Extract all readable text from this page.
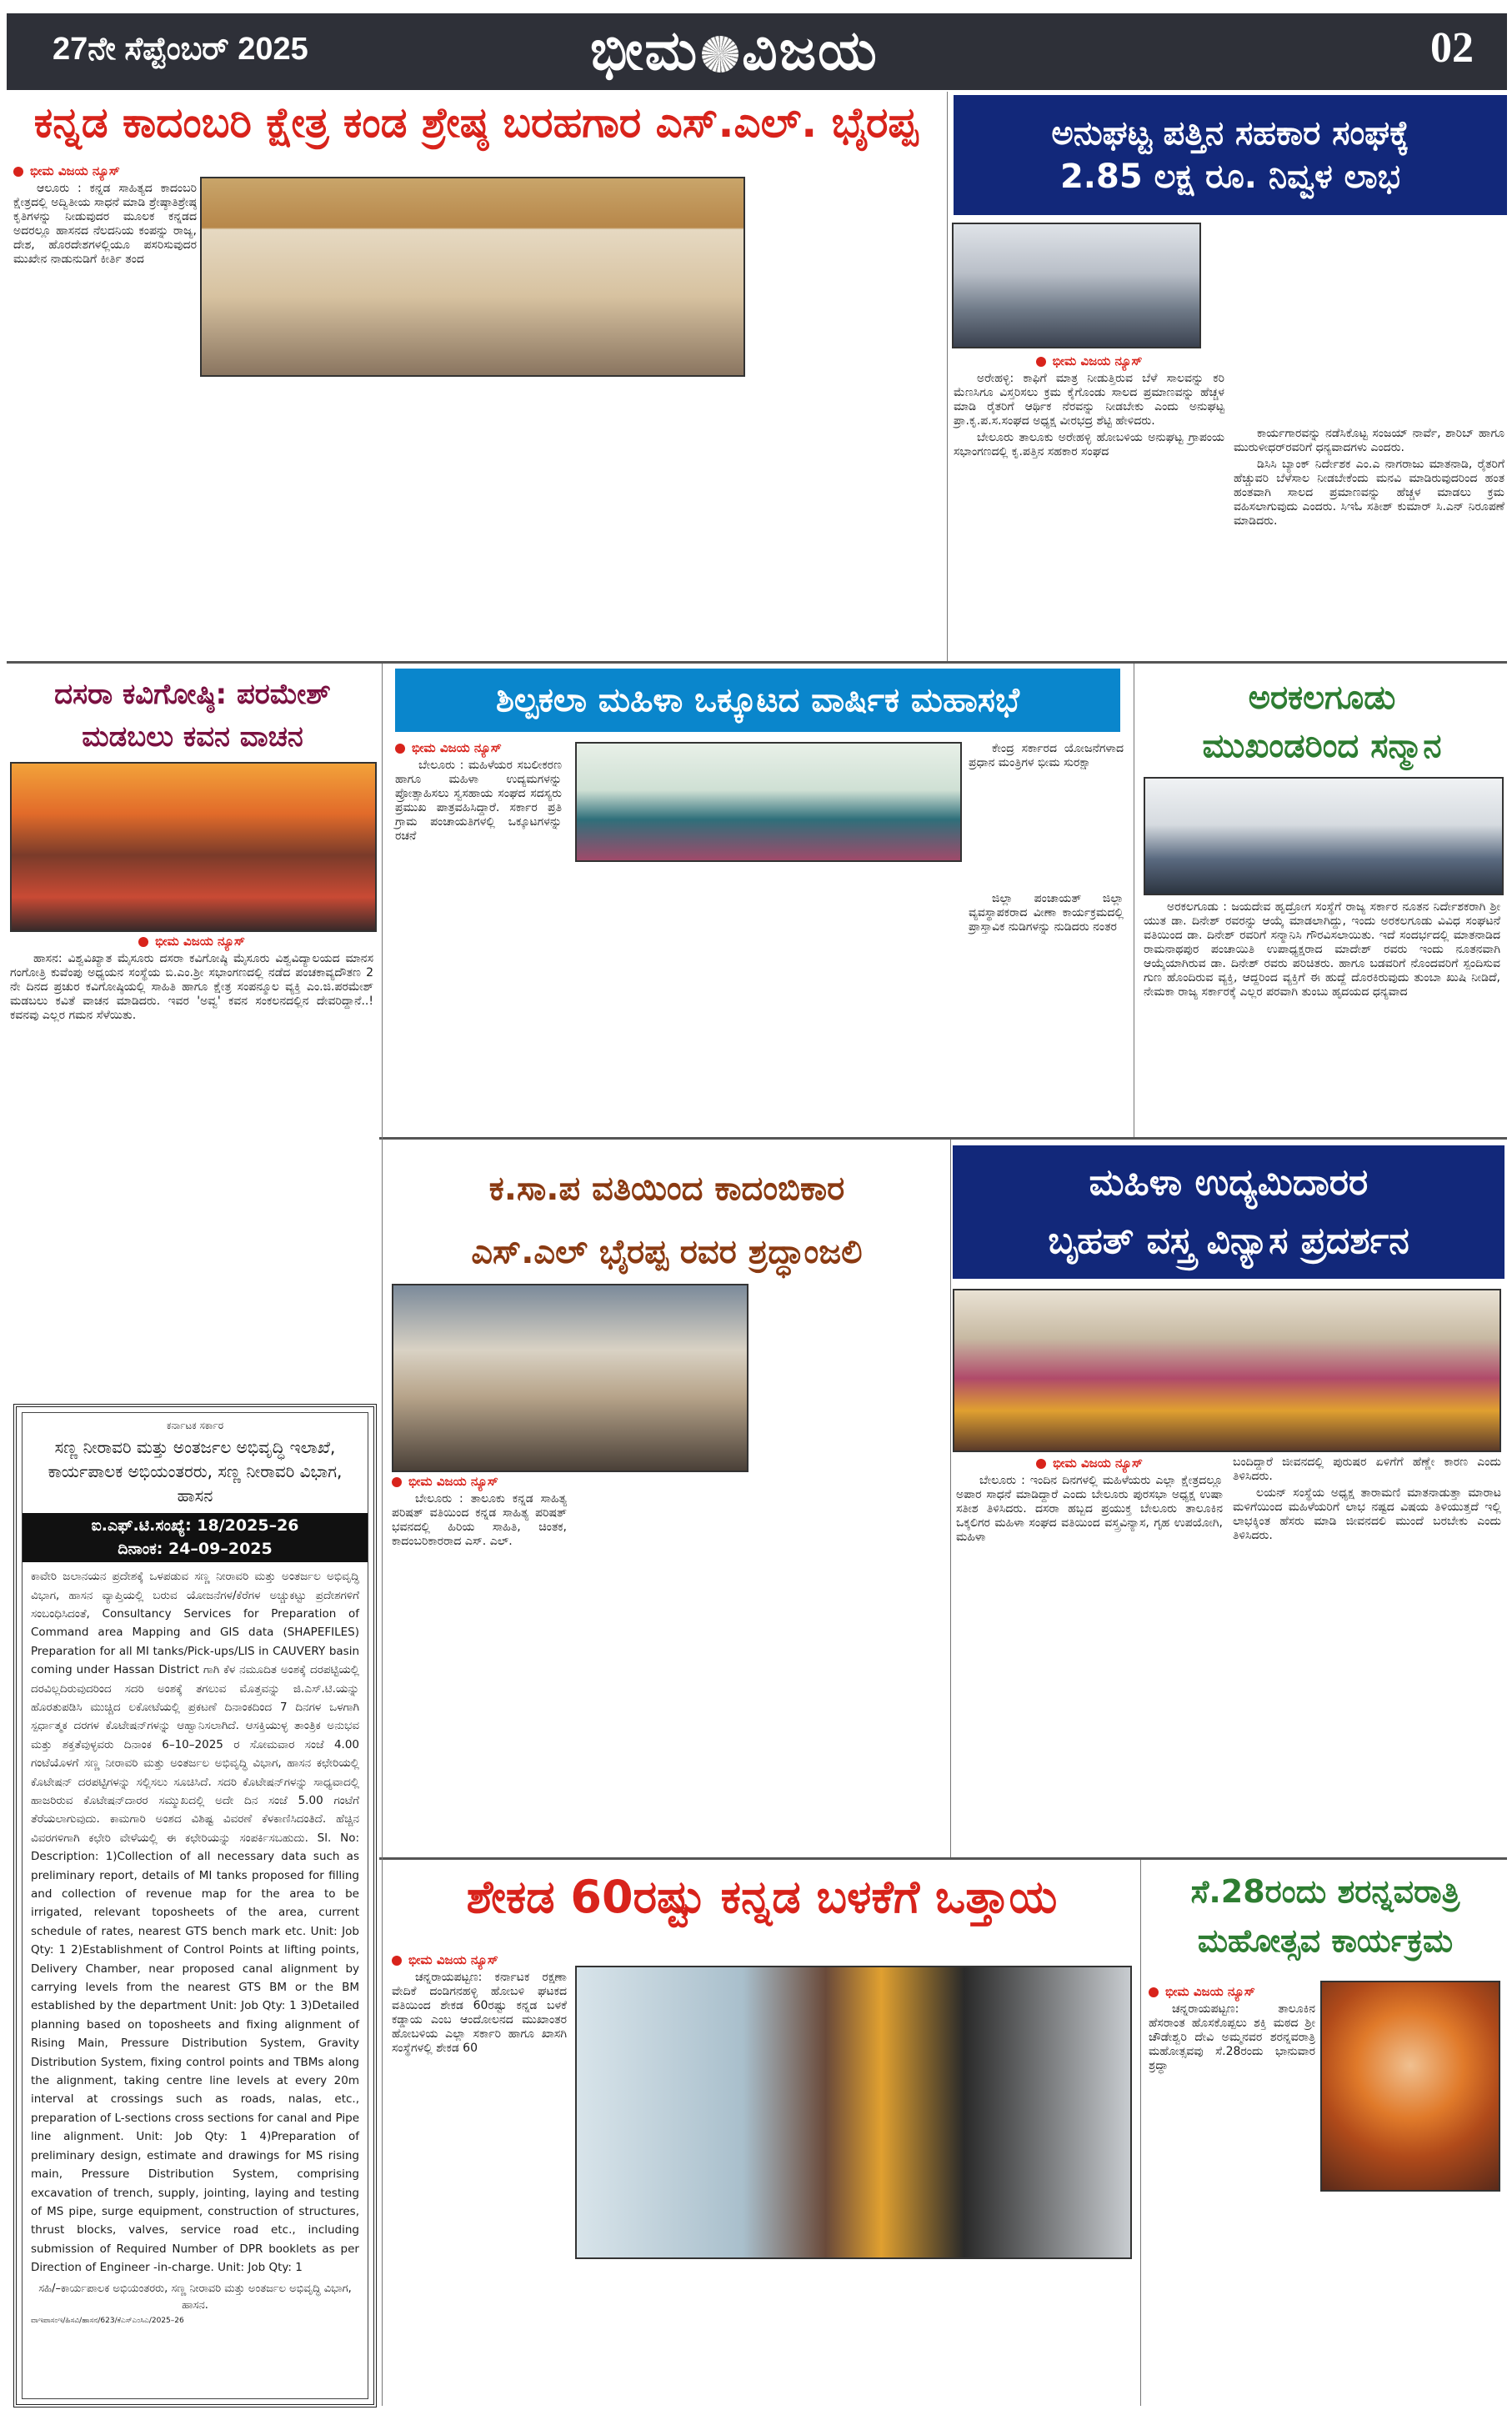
27ನೇ ಸೆಪ್ಟೆಂಬರ್ 2025	ಭೀಮ ವಿಜಯ	02
ಕನ್ನಡ ಕಾದಂಬರಿ ಕ್ಷೇತ್ರ ಕಂಡ ಶ್ರೇಷ್ಠ ಬರಹಗಾರ ಎಸ್.ಎಲ್. ಭೈರಪ್ಪ
ಭೀಮ ವಿಜಯ ನ್ಯೂಸ್

ಆಲೂರು : ಕನ್ನಡ ಸಾಹಿತ್ಯದ ಕಾದಂಬರಿ ಕ್ಷೇತ್ರದಲ್ಲಿ ಅದ್ವಿತೀಯ ಸಾಧನೆ ಮಾಡಿ ಶ್ರೇಷ್ಠಾತಿಶ್ರೇಷ್ಠ ಕೃತಿಗಳನ್ನು ನೀಡುವುದರ ಮೂಲಕ ಕನ್ನಡದ ಅದರಲ್ಲೂ ಹಾಸನದ ನೆಲದನಿಯ ಕಂಪನ್ನು ರಾಜ್ಯ, ದೇಶ, ಹೊರದೇಶಗಳಲ್ಲಿಯೂ ಪಸರಿಸುವುದರ ಮುಖೇನ ನಾಡುನುಡಿಗೆ ಕೀರ್ತಿ ತಂದ

ಅನುಘಟ್ಟ ಪತ್ತಿನ ಸಹಕಾರ ಸಂಘಕ್ಕೆ
2.85 ಲಕ್ಷ ರೂ. ನಿವ್ವಳ ಲಾಭ
ಭೀಮ ವಿಜಯ ನ್ಯೂಸ್

ಅರೇಹಳ್ಳಿ: ಕಾಫಿಗೆ ಮಾತ್ರ ನೀಡುತ್ತಿರುವ ಬೆಳೆ ಸಾಲವನ್ನು ಕರಿ ಮೆಣಸಿಗೂ ವಿಸ್ತರಿಸಲು ಕ್ರಮ ಕೈಗೊಂಡು ಸಾಲದ ಪ್ರಮಾಣವನ್ನು ಹೆಚ್ಚಳ ಮಾಡಿ ರೈತರಿಗೆ ಆರ್ಥಿಕ ನೆರವನ್ನು ನೀಡಬೇಕು ಎಂದು ಅನುಘಟ್ಟ ಪ್ರಾ.ಕೃ.ಪ.ಸ.ಸಂಘದ ಅಧ್ಯಕ್ಷ ವೀರಭದ್ರ ಶೆಟ್ಟಿ ಹೇಳಿದರು.

ಬೇಲೂರು ತಾಲೂಕು ಅರೇಹಳ್ಳಿ ಹೋಬಳಿಯ ಅನುಘಟ್ಟ ಗ್ರಾಪಂಯ ಸಭಾಂಗಣದಲ್ಲಿ ಕೃ.ಪತ್ತಿನ ಸಹಕಾರ ಸಂಘದ

ಕಾರ್ಯಗಾರವನ್ನು ನಡೆಸಿಕೊಟ್ಟ ಸಂಜಯ್ ನಾರ್ವೆ, ಶಾರಿಬ್ ಹಾಗೂ ಮುರುಳೀಧರ್‌ರವರಿಗೆ ಧನ್ಯವಾದಗಳು ಎಂದರು.

ಡಿಸಿಸಿ ಬ್ಯಾಂಕ್ ನಿರ್ದೇಶಕ ಎಂ.ಎ ನಾಗರಾಜು ಮಾತನಾಡಿ, ರೈತರಿಗೆ ಹೆಚ್ಚುವರಿ ಬೆಳೆಸಾಲ ನೀಡಬೇಕೆಂದು ಮನವಿ ಮಾಡಿರುವುದರಿಂದ ಹಂತ ಹಂತವಾಗಿ ಸಾಲದ ಪ್ರಮಾಣವನ್ನು ಹೆಚ್ಚಳ ಮಾಡಲು ಕ್ರಮ ವಹಿಸಲಾಗುವುದು ಎಂದರು. ಸಿಇಓ ಸತೀಶ್ ಕುಮಾರ್ ಸಿ.ಎನ್ ನಿರೂಪಣೆ ಮಾಡಿದರು.

ದಸರಾ ಕವಿಗೋಷ್ಠಿ: ಪರಮೇಶ್
ಮಡಬಲು ಕವನ ವಾಚನ
ಭೀಮ ವಿಜಯ ನ್ಯೂಸ್

ಹಾಸನ: ವಿಶ್ವವಿಖ್ಯಾತ ಮೈಸೂರು ದಸರಾ ಕವಿಗೋಷ್ಠಿ ಮೈಸೂರು ವಿಶ್ವವಿದ್ಯಾಲಯದ ಮಾನಸ ಗಂಗೋತ್ರಿ ಕುವೆಂಪು ಅಧ್ಯಯನ ಸಂಸ್ಥೆಯ ಬಿ.ಎಂ.ಶ್ರೀ ಸಭಾಂಗಣದಲ್ಲಿ ನಡೆದ ಪಂಚಕಾವ್ಯದೌತಣ 2 ನೇ ದಿನದ ಪ್ರಚುರ ಕವಿಗೋಷ್ಠಿಯಲ್ಲಿ ಸಾಹಿತಿ ಹಾಗೂ ಕ್ಷೇತ್ರ ಸಂಪನ್ಮೂಲ ವ್ಯಕ್ತಿ ಎಂ.ಜಿ.ಪರಮೇಶ್ ಮಡಬಲು ಕವಿತೆ ವಾಚನ ಮಾಡಿದರು. ಇವರ 'ಅವ್ವ' ಕವನ ಸಂಕಲನದಲ್ಲಿನ ದೇವರಿದ್ದಾನೆ..! ಕವನವು ಎಲ್ಲರ ಗಮನ ಸೆಳೆಯಿತು.

ಶಿಲ್ಪಕಲಾ ಮಹಿಳಾ ಒಕ್ಕೂಟದ ವಾರ್ಷಿಕ ಮಹಾಸಭೆ
ಭೀಮ ವಿಜಯ ನ್ಯೂಸ್

ಬೇಲೂರು : ಮಹಿಳೆಯರ ಸಬಲೀಕರಣ ಹಾಗೂ ಮಹಿಳಾ ಉದ್ಯಮಗಳನ್ನು ಪ್ರೋತ್ಸಾಹಿಸಲು ಸ್ವಸಹಾಯ ಸಂಘದ ಸದಸ್ಯರು ಪ್ರಮುಖ ಪಾತ್ರವಹಿಸಿದ್ದಾರೆ. ಸರ್ಕಾರ ಪ್ರತಿ ಗ್ರಾಮ ಪಂಚಾಯತಿಗಳಲ್ಲಿ ಒಕ್ಕೂಟಗಳನ್ನು ರಚನೆ

ಕೇಂದ್ರ ಸರ್ಕಾರದ ಯೋಜನೆಗಳಾದ ಪ್ರಧಾನ ಮಂತ್ರಿಗಳ ಭೀಮ ಸುರಕ್ಷಾ

ಜಿಲ್ಲಾ ಪಂಚಾಯತ್ ಜಿಲ್ಲಾ ವ್ಯವಸ್ಥಾಪಕರಾದ ವೀಣಾ ಕಾರ್ಯಕ್ರಮದಲ್ಲಿ ಪ್ರಾಸ್ತಾವಿಕ ನುಡಿಗಳನ್ನು ನುಡಿದರು ನಂತರ

ಅರಕಲಗೂಡು
ಮುಖಂಡರಿಂದ ಸನ್ಮಾನ

ಅರಕಲಗೂಡು : ಜಯದೇವ ಹೃದ್ರೋಗ ಸಂಸ್ಥೆಗೆ ರಾಜ್ಯ ಸರ್ಕಾರ ನೂತನ ನಿರ್ದೇಶಕರಾಗಿ ಶ್ರೀ ಯುತ ಡಾ. ದಿನೇಶ್ ರವರನ್ನು ಆಯ್ಕೆ ಮಾಡಲಾಗಿದ್ದು, ಇಂದು ಅರಕಲಗೂಡು ವಿವಿಧ ಸಂಘಟನೆ ವತಿಯಿಂದ ಡಾ. ದಿನೇಶ್ ರವರಿಗೆ ಸನ್ಮಾನಿಸಿ ಗೌರವಿಸಲಾಯಿತು. ಇದೆ ಸಂದರ್ಭದಲ್ಲಿ ಮಾತನಾಡಿದ ರಾಮನಾಥಪುರ ಪಂಚಾಯಿತಿ ಉಪಾಧ್ಯಕ್ಷರಾದ ಮಾದೇಶ್ ರವರು ಇಂದು ನೂತನವಾಗಿ ಆಯ್ಕೆಯಾಗಿರುವ ಡಾ. ದಿನೇಶ್ ರವರು ಪರಿಚಿತರು. ಹಾಗೂ ಬಡವರಿಗೆ ನೊಂದವರಿಗೆ ಸ್ಪಂದಿಸುವ ಗುಣ ಹೊಂದಿರುವ ವ್ಯಕ್ತಿ, ಆದ್ದರಿಂದ ವ್ಯಕ್ತಿಗೆ ಈ ಹುದ್ದೆ ದೊರಕಿರುವುದು ತುಂಬಾ ಖುಷಿ ನೀಡಿದೆ, ನೇಮಕಾ ರಾಜ್ಯ ಸರ್ಕಾರಕ್ಕೆ ಎಲ್ಲರ ಪರವಾಗಿ ತುಂಬು ಹೃದಯದ ಧನ್ಯವಾದ

ಕ.ಸಾ.ಪ ವತಿಯಿಂದ ಕಾದಂಬಿಕಾರ
ಎಸ್.ಎಲ್ ಭೈರಪ್ಪ ರವರ ಶ್ರದ್ಧಾಂಜಲಿ
ಭೀಮ ವಿಜಯ ನ್ಯೂಸ್

ಬೇಲೂರು : ತಾಲೂಕು ಕನ್ನಡ ಸಾಹಿತ್ಯ ಪರಿಷತ್ ವತಿಯಿಂದ ಕನ್ನಡ ಸಾಹಿತ್ಯ ಪರಿಷತ್ ಭವನದಲ್ಲಿ ಹಿರಿಯ ಸಾಹಿತಿ, ಚಿಂತಕ, ಕಾದಂಬರಿಕಾರರಾದ ಎಸ್. ಎಲ್.

ಮಹಿಳಾ ಉದ್ಯಮಿದಾರರ
ಬೃಹತ್ ವಸ್ತ್ರ ವಿನ್ಯಾಸ ಪ್ರದರ್ಶನ
ಭೀಮ ವಿಜಯ ನ್ಯೂಸ್

ಬೇಲೂರು : ಇಂದಿನ ದಿನಗಳಲ್ಲಿ ಮಹಿಳೆಯರು ಎಲ್ಲಾ ಕ್ಷೇತ್ರದಲ್ಲೂ ಅಪಾರ ಸಾಧನೆ ಮಾಡಿದ್ದಾರೆ ಎಂದು ಬೇಲೂರು ಪುರಸಭಾ ಅಧ್ಯಕ್ಷ ಉಷಾ ಸತೀಶ ತಿಳಿಸಿದರು. ದಸರಾ ಹಬ್ಬದ ಪ್ರಯುಕ್ತ ಬೇಲೂರು ತಾಲೂಕಿನ ಒಕ್ಕಲಿಗರ ಮಹಿಳಾ ಸಂಘದ ವತಿಯಿಂದ ವಸ್ತ್ರವಿನ್ಯಾಸ, ಗೃಹ ಉಪಯೋಗಿ, ಮಹಿಳಾ

ಬಂದಿದ್ದಾರೆ ಜೀವನದಲ್ಲಿ ಪುರುಷರ ಏಳಿಗೆಗೆ ಹೆಣ್ಣೇ ಕಾರಣ ಎಂದು ತಿಳಿಸಿದರು.

ಲಯನ್ ಸಂಸ್ಥೆಯ ಅಧ್ಯಕ್ಷ ತಾರಾಮಣಿ ಮಾತನಾಡುತ್ತಾ ಮಾರಾಟ ಮಳಿಗೆಯಿಂದ ಮಹಿಳೆಯರಿಗೆ ಲಾಭ ನಷ್ಟದ ವಿಷಯ ತಿಳಿಯುತ್ತದೆ ಇಲ್ಲಿ ಲಾಭಕ್ಕಿಂತ ಹೆಸರು ಮಾಡಿ ಜೀವನದಲಿ ಮುಂದೆ ಬರಬೇಕು ಎಂದು ತಿಳಿಸಿದರು.

ಶೇಕಡ 60ರಷ್ಟು ಕನ್ನಡ ಬಳಕೆಗೆ ಒತ್ತಾಯ
ಭೀಮ ವಿಜಯ ನ್ಯೂಸ್

ಚನ್ನರಾಯಪಟ್ಟಣ: ಕರ್ನಾಟಕ ರಕ್ಷಣಾ ವೇದಿಕೆ ದಂಡಿಗನಹಳ್ಳಿ ಹೋಬಳಿ ಘಟಕದ ವತಿಯಿಂದ ಶೇಕಡ 60ರಷ್ಟು ಕನ್ನಡ ಬಳಕೆ ಕಡ್ಡಾಯ ಎಂಬ ಆಂದೋಲನದ ಮುಖಾಂತರ ಹೋಬಳಿಯ ಎಲ್ಲಾ ಸರ್ಕಾರಿ ಹಾಗೂ ಖಾಸಗಿ ಸಂಸ್ಥೆಗಳಲ್ಲಿ ಶೇಕಡ 60

ಸೆ.28ರಂದು ಶರನ್ನವರಾತ್ರಿ
ಮಹೋತ್ಸವ ಕಾರ್ಯಕ್ರಮ
ಭೀಮ ವಿಜಯ ನ್ಯೂಸ್

ಚನ್ನರಾಯಪಟ್ಟಣ: ತಾಲೂಕಿನ ಹೆಸರಾಂತ ಹೊಸಕೊಪ್ಪಲು ಶಕ್ತಿ ಮಠದ ಶ್ರೀ ಚೌಡೇಶ್ವರಿ ದೇವಿ ಅಮ್ಮನವರ ಶರನ್ನವರಾತ್ರಿ ಮಹೋತ್ಸವವು ಸೆ.28ರಂದು ಭಾನುವಾರ ಶ್ರದ್ಧಾ

ಕರ್ನಾಟಕ ಸರ್ಕಾರ
ಸಣ್ಣ ನೀರಾವರಿ ಮತ್ತು ಅಂತರ್ಜಲ ಅಭಿವೃದ್ಧಿ ಇಲಾಖೆ, ಕಾರ್ಯಪಾಲಕ ಅಭಿಯಂತರರು, ಸಣ್ಣ ನೀರಾವರಿ ವಿಭಾಗ, ಹಾಸನ
ಐ.ಎಫ್.ಟಿ.ಸಂಖ್ಯೆ: 18/2025–26
ದಿನಾಂಕ: 24–09–2025
ಕಾವೇರಿ ಜಲಾನಯನ ಪ್ರದೇಶಕ್ಕೆ ಒಳಪಡುವ ಸಣ್ಣ ನೀರಾವರಿ ಮತ್ತು ಅಂತರ್ಜಲ ಅಭಿವೃದ್ಧಿ ವಿಭಾಗ, ಹಾಸನ ವ್ಯಾಪ್ತಿಯಲ್ಲಿ ಬರುವ ಯೋಜನೆಗಳ/ಕೆರೆಗಳ ಅಚ್ಚುಕಟ್ಟು ಪ್ರದೇಶಗಳಿಗೆ ಸಂಬಂಧಿಸಿದಂತೆ, Consultancy Services for Preparation of Command area Mapping and GIS data (SHAPEFILES) Preparation for all MI tanks/Pick-ups/LIS in CAUVERY basin coming under Hassan District ಗಾಗಿ ಕೆಳ ನಮೂದಿತ ಅಂಶಕ್ಕೆ ದರಪಟ್ಟಿಯಲ್ಲಿ ದರವಿಲ್ಲದಿರುವುದರಿಂದ ಸದರಿ ಅಂಶಕ್ಕೆ ತಗಲುವ ಮೊತ್ತವನ್ನು ಜಿ.ಎಸ್.ಟಿ.ಯನ್ನು ಹೊರತುಪಡಿಸಿ ಮುಚ್ಚಿದ ಲಕೋಟೆಯಲ್ಲಿ ಪ್ರಕಟಣೆ ದಿನಾಂಕದಿಂದ 7 ದಿನಗಳ ಒಳಗಾಗಿ ಸ್ಪರ್ಧಾತ್ಮಕ ದರಗಳ ಕೊಟೇಷನ್‌ಗಳನ್ನು ಆಹ್ವಾನಿಸಲಾಗಿದೆ. ಆಸಕ್ತಿಯುಳ್ಳ ತಾಂತ್ರಿಕ ಅನುಭವ ಮತ್ತು ಶಕ್ತತೆವುಳ್ಳವರು ದಿನಾಂಕ 6–10–2025 ರ ಸೋಮವಾರ ಸಂಜೆ 4.00 ಗಂಟೆಯೊಳಗೆ ಸಣ್ಣ ನೀರಾವರಿ ಮತ್ತು ಅಂತರ್ಜಲ ಅಭಿವೃದ್ಧಿ ವಿಭಾಗ, ಹಾಸನ ಕಛೇರಿಯಲ್ಲಿ ಕೊಟೇಷನ್ ದರಪಟ್ಟಿಗಳನ್ನು ಸಲ್ಲಿಸಲು ಸೂಚಿಸಿದೆ. ಸದರಿ ಕೊಟೇಷನ್‌ಗಳನ್ನು ಸಾಧ್ಯವಾದಲ್ಲಿ ಹಾಜರಿರುವ ಕೊಟೇಷನ್‌ದಾರರ ಸಮ್ಮುಖದಲ್ಲಿ ಅದೇ ದಿನ ಸಂಜೆ 5.00 ಗಂಟೆಗೆ ತೆರೆಯಲಾಗುವುದು. ಕಾಮಗಾರಿ ಅಂಶದ ವಿಶಿಷ್ಟ ವಿವರಣೆ ಕೆಳಕಾಣಿಸಿದಂತಿದೆ. ಹೆಚ್ಚಿನ ವಿವರಗಳಿಗಾಗಿ ಕಛೇರಿ ವೇಳೆಯಲ್ಲಿ ಈ ಕಛೇರಿಯನ್ನು ಸಂಪರ್ಕಿಸಬಹುದು. Sl. No: Description: 1)Collection of all necessary data such as preliminary report, details of MI tanks proposed for filling and collection of revenue map for the area to be irrigated, relevant toposheets of the area, current schedule of rates, nearest GTS bench mark etc. Unit: Job Qty: 1 2)Establishment of Control Points at lifting points, Delivery Chamber, near proposed canal alignment by carrying levels from the nearest GTS BM or the BM established by the department Unit: Job Qty: 1 3)Detailed planning based on toposheets and fixing alignment of Rising Main, Pressure Distribution System, Gravity Distribution System, fixing control points and TBMs along the alignment, taking centre line levels at every 20m interval at crossings such as roads, nalas, etc., preparation of L-sections cross sections for canal and Pipe line alignment. Unit: Job Qty: 1 4)Preparation of preliminary design, estimate and drawings for MS rising main, Pressure Distribution System, comprising excavation of trench, supply, jointing, laying and testing of MS pipe, surge equipment, construction of structures, thrust blocks, valves, service road etc., including submission of Required Number of DPR booklets as per Direction of Engineer -in-charge. Unit: Job Qty: 1
ಸಹಿ/–ಕಾರ್ಯಪಾಲಕ ಅಭಿಯಂತರರು, ಸಣ್ಣ ನೀರಾವರಿ ಮತ್ತು ಅಂತರ್ಜಲ ಅಭಿವೃದ್ಧಿ ವಿಭಾಗ, ಹಾಸನ.
ವಾಇಪಾಸಂಇ/ಹಿಸವಿ/ಹಾಸನ/623/ಕೆಎಸ್‌ಎಂಸಿಎ/2025–26
